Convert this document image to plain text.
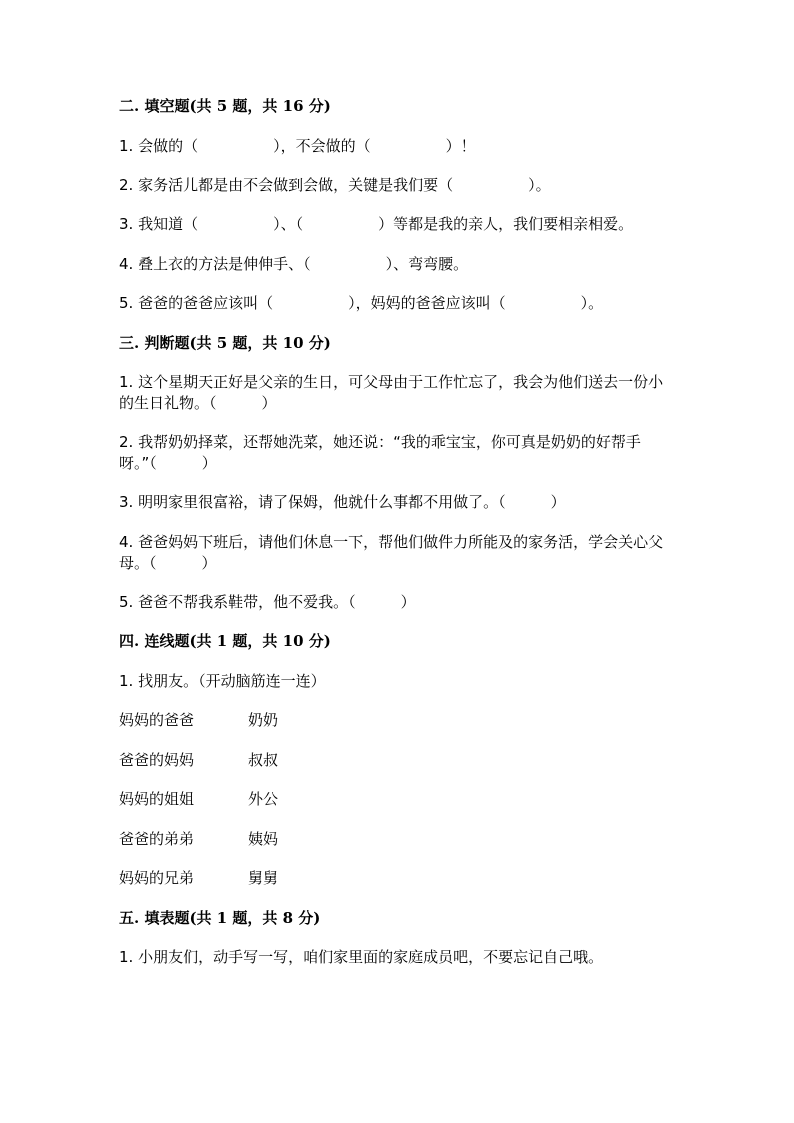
二. 填空题(共 5 题，共 16 分)
1. 会做的（　　　　　），不会做的（　　　　　）！
2. 家务活儿都是由不会做到会做，关键是我们要（　　　　　）。
3. 我知道（　　　　　）、（　　　　　）等都是我的亲人，我们要相亲相爱。
4. 叠上衣的方法是伸伸手、（　　　　　）、弯弯腰。
5. 爸爸的爸爸应该叫（　　　　　），妈妈的爸爸应该叫（　　　　　）。
三. 判断题(共 5 题，共 10 分)
1. 这个星期天正好是父亲的生日，可父母由于工作忙忘了，我会为他们送去一份小的生日礼物。（　　　）
2. 我帮奶奶择菜，还帮她洗菜，她还说：“我的乖宝宝，你可真是奶奶的好帮手呀。”（　　　）
3. 明明家里很富裕，请了保姆，他就什么事都不用做了。（　　　）
4. 爸爸妈妈下班后，请他们休息一下，帮他们做件力所能及的家务活，学会关心父母。（　　　）
5. 爸爸不帮我系鞋带，他不爱我。（　　　）
四. 连线题(共 1 题，共 10 分)
1. 找朋友。（开动脑筋连一连）
妈妈的爸爸	奶奶
爸爸的妈妈	叔叔
妈妈的姐姐	外公
爸爸的弟弟	姨妈
妈妈的兄弟	舅舅
五. 填表题(共 1 题，共 8 分)
1. 小朋友们，动手写一写，咱们家里面的家庭成员吧，不要忘记自己哦。
